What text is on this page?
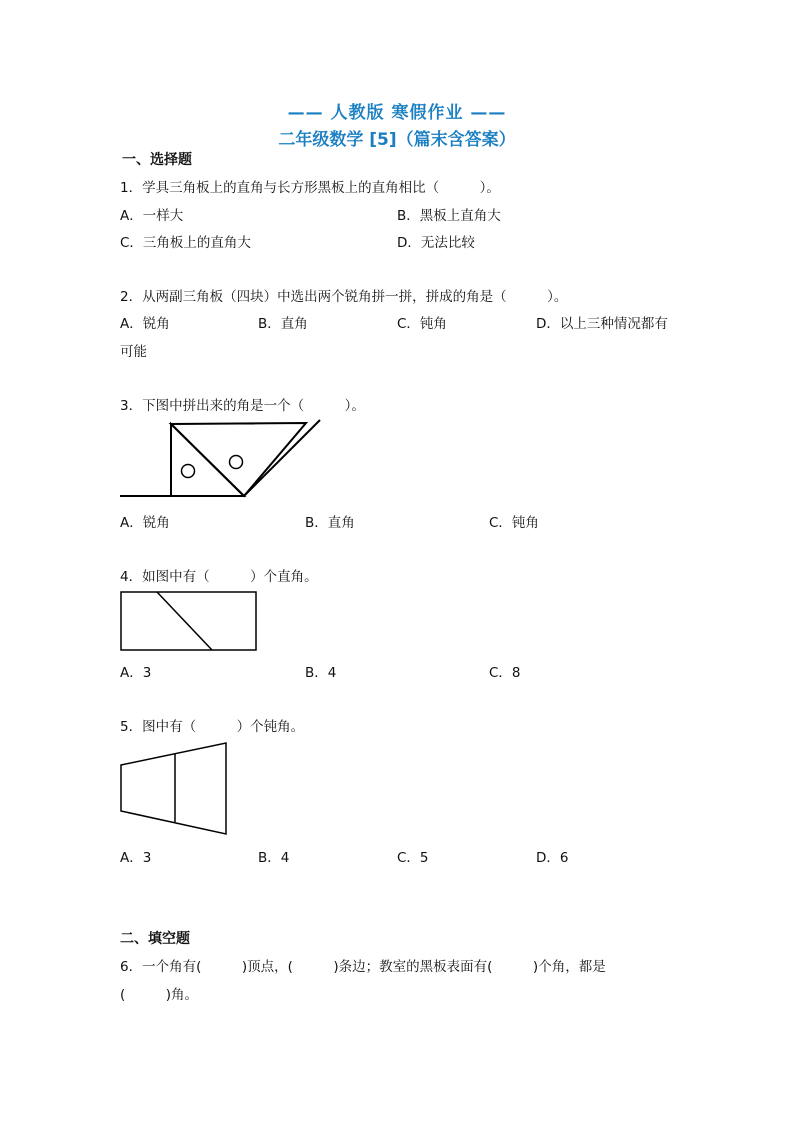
—— 人教版 寒假作业 ——
二年级数学 [5]（篇末含答案）
一、选择题
1．学具三角板上的直角与长方形黑板上的直角相比（　　　）。
A．一样大	B．黑板上直角大
C．三角板上的直角大	D．无法比较
2．从两副三角板（四块）中选出两个锐角拼一拼，拼成的角是（　　　）。
A．锐角	B．直角	C．钝角	D．以上三种情况都有
可能
3．下图中拼出来的角是一个（　　　）。
A．锐角	B．直角	C．钝角
4．如图中有（　　　）个直角。
A．3	B．4	C．8
5．图中有（　　　）个钝角。
A．3	B．4	C．5	D．6
二、填空题
6．一个角有(　　　)顶点，(　　　)条边；教室的黑板表面有(　　　)个角，都是
(　　　)角。
